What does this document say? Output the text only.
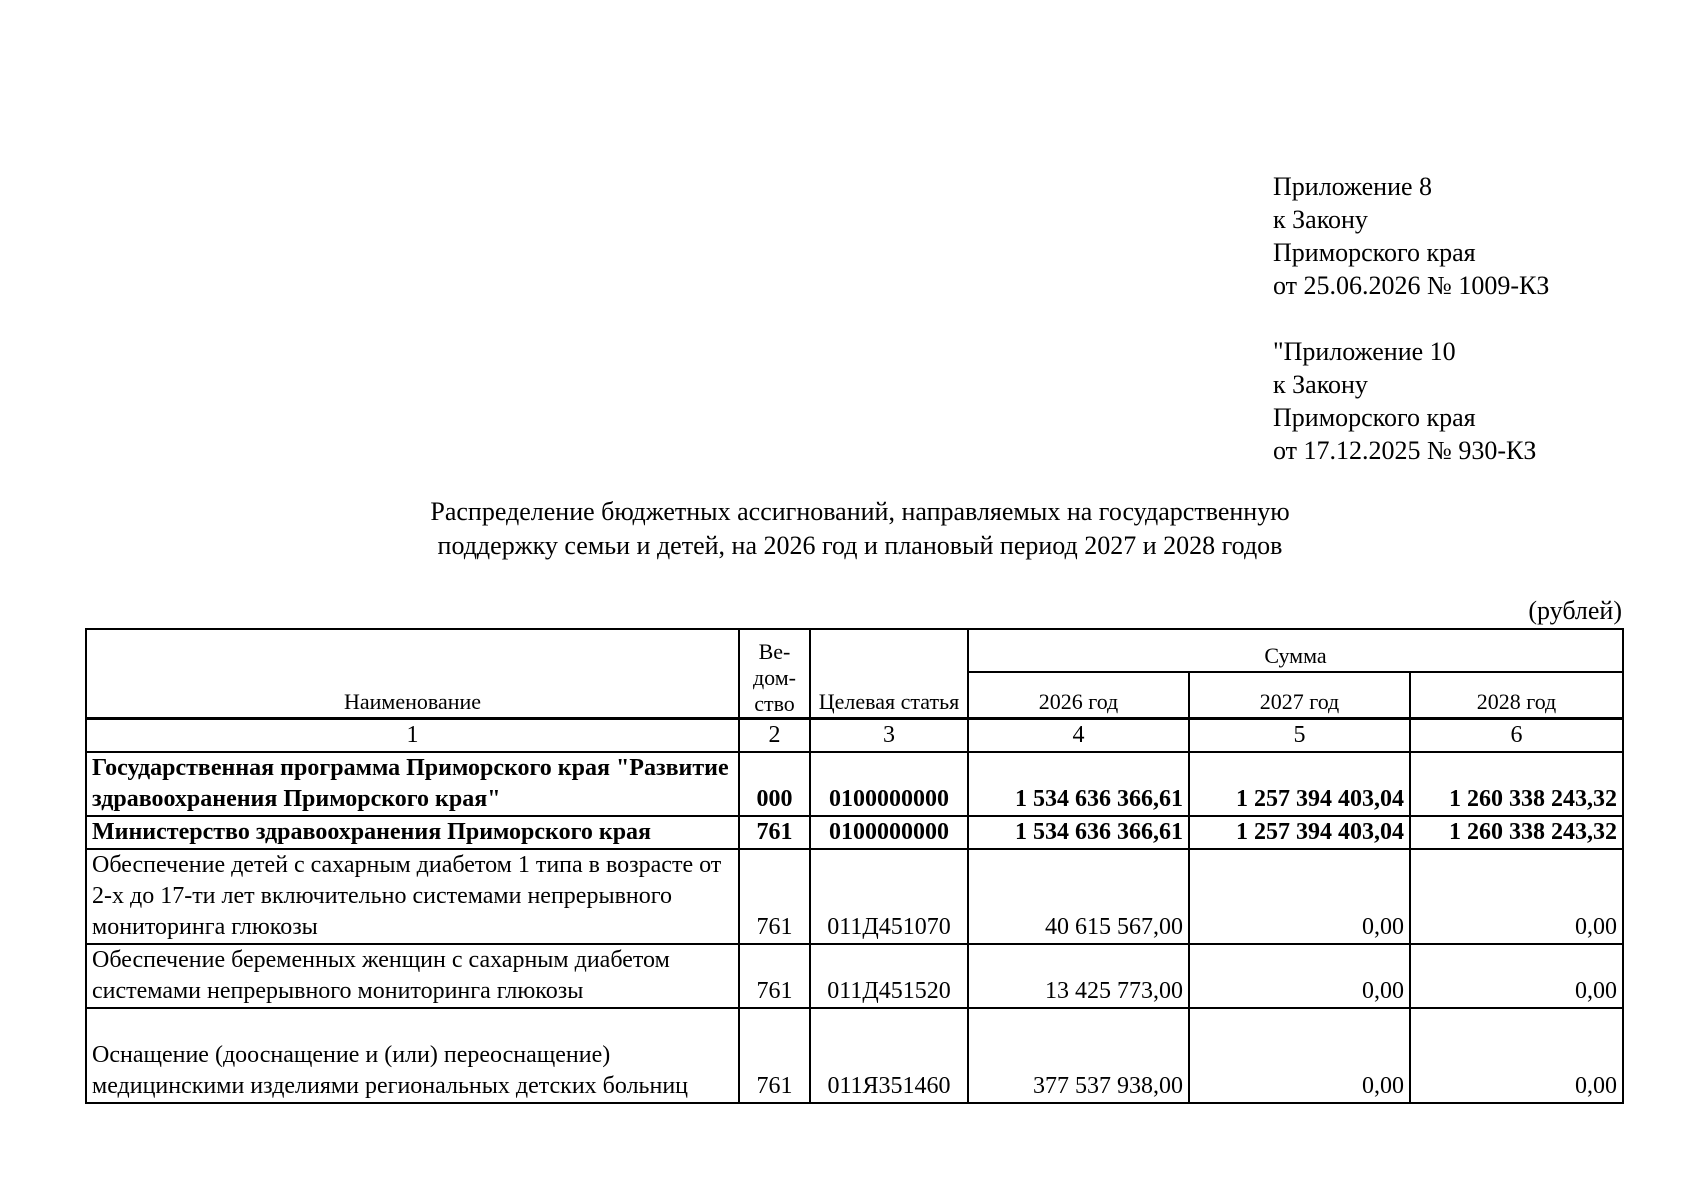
Приложение 8
к Закону
Приморского края
от 25.06.2026 № 1009-КЗ
"Приложение 10
к Закону
Приморского края
от 17.12.2025 № 930-КЗ
Распределение бюджетных ассигнований, направляемых на государственную
поддержку семьи и детей, на 2026 год и плановый период 2027 и 2028 годов
(рублей)
Наименование	Ве-
дом-
ство	Целевая статья	Сумма		
			2026 год	2027 год	2028 год
1	2	3	4	5	6
Государственная программа Приморского края "Развитие здравоохранения Приморского края"	000	0100000000	1 534 636 366,61	1 257 394 403,04	1 260 338 243,32
Министерство здравоохранения Приморского края	761	0100000000	1 534 636 366,61	1 257 394 403,04	1 260 338 243,32
Обеспечение детей с сахарным диабетом 1 типа в возрасте от 2-х до 17-ти лет включительно системами непрерывного мониторинга глюкозы	761	011Д451070	40 615 567,00	0,00	0,00
Обеспечение беременных женщин с сахарным диабетом системами непрерывного мониторинга глюкозы	761	011Д451520	13 425 773,00	0,00	0,00
Оснащение (дооснащение и (или) переоснащение) медицинскими изделиями региональных детских больниц	761	011Я351460	377 537 938,00	0,00	0,00
